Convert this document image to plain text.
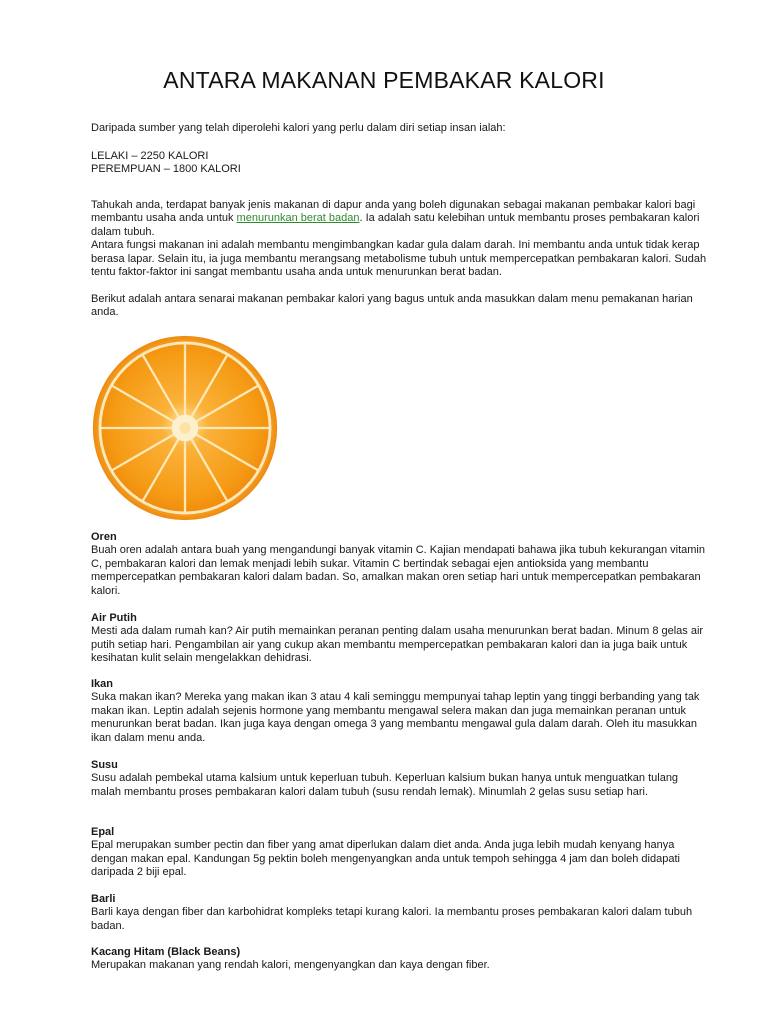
ANTARA MAKANAN PEMBAKAR KALORI

Daripada sumber yang telah diperolehi kalori yang perlu dalam diri setiap insan ialah:

LELAKI – 2250 KALORI
PEREMPUAN – 1800 KALORI

Tahukah anda, terdapat banyak jenis makanan di dapur anda yang boleh digunakan sebagai makanan pembakar kalori bagi membantu usaha anda untuk menurunkan berat badan. Ia adalah satu kelebihan untuk membantu proses pembakaran kalori dalam tubuh.
Antara fungsi makanan ini adalah membantu mengimbangkan kadar gula dalam darah. Ini membantu anda untuk tidak kerap berasa lapar. Selain itu, ia juga membantu merangsang metabolisme tubuh untuk mempercepatkan pembakaran kalori. Sudah tentu faktor-faktor ini sangat membantu usaha anda untuk menurunkan berat badan.

Berikut adalah antara senarai makanan pembakar kalori yang bagus untuk anda masukkan dalam menu pemakanan harian anda.

Oren
Buah oren adalah antara buah yang mengandungi banyak vitamin C. Kajian mendapati bahawa jika tubuh kekurangan vitamin C, pembakaran kalori dan lemak menjadi lebih sukar. Vitamin C bertindak sebagai ejen antioksida yang membantu mempercepatkan pembakaran kalori dalam badan. So, amalkan makan oren setiap hari untuk mempercepatkan pembakaran kalori.
Air Putih
Mesti ada dalam rumah kan? Air putih memainkan peranan penting dalam usaha menurunkan berat badan. Minum 8 gelas air putih setiap hari. Pengambilan air yang cukup akan membantu mempercepatkan pembakaran kalori dan ia juga baik untuk kesihatan kulit selain mengelakkan dehidrasi.
Ikan
Suka makan ikan? Mereka yang makan ikan 3 atau 4 kali seminggu mempunyai tahap leptin yang tinggi berbanding yang tak makan ikan. Leptin adalah sejenis hormone yang membantu mengawal selera makan dan juga memainkan peranan untuk menurunkan berat badan. Ikan juga kaya dengan omega 3 yang membantu mengawal gula dalam darah. Oleh itu masukkan ikan dalam menu anda.
Susu
Susu adalah pembekal utama kalsium untuk keperluan tubuh. Keperluan kalsium bukan hanya untuk menguatkan tulang malah membantu proses pembakaran kalori dalam tubuh (susu rendah lemak). Minumlah 2 gelas susu setiap hari.
Epal
Epal merupakan sumber pectin dan fiber yang amat diperlukan dalam diet anda. Anda juga lebih mudah kenyang hanya dengan makan epal. Kandungan 5g pektin boleh mengenyangkan anda untuk tempoh sehingga 4 jam dan boleh didapati daripada 2 biji epal.
Barli
Barli kaya dengan fiber dan karbohidrat kompleks tetapi kurang kalori. Ia membantu proses pembakaran kalori dalam tubuh badan.
Kacang Hitam (Black Beans)
Merupakan makanan yang rendah kalori, mengenyangkan dan kaya dengan fiber.
